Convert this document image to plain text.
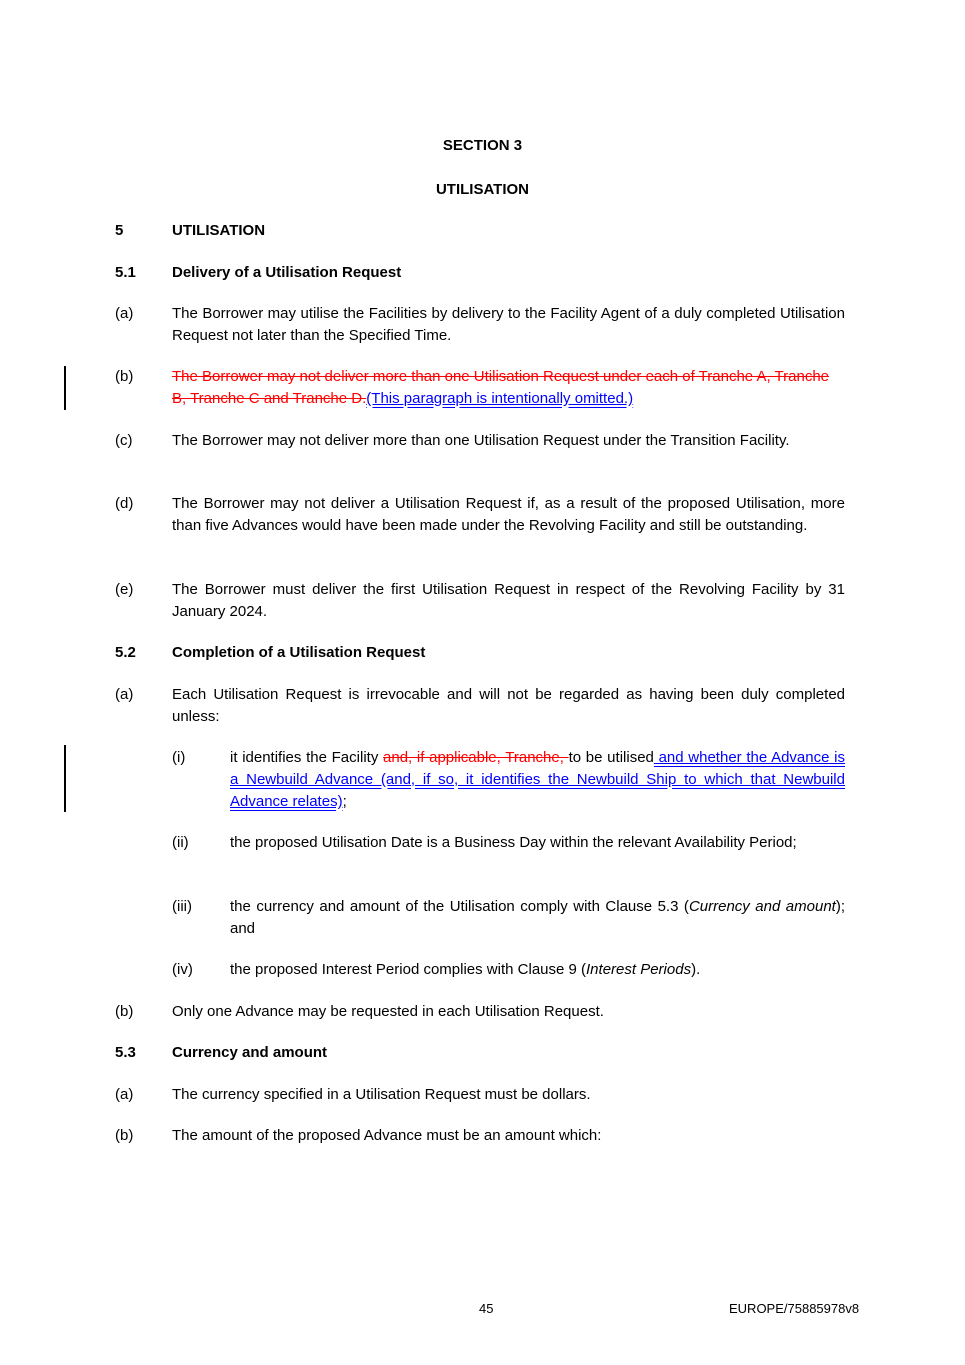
SECTION 3
UTILISATION
5	UTILISATION
5.1 Delivery of a Utilisation Request
(a)	The Borrower may utilise the Facilities by delivery to the Facility Agent of a duly completed Utilisation Request not later than the Specified Time.
(b)	The Borrower may not deliver more than one Utilisation Request under each of Tranche A, Tranche B, Tranche C and Tranche D.(This paragraph is intentionally omitted.)
(c)	The Borrower may not deliver more than one Utilisation Request under the Transition Facility.
(d)	The Borrower may not deliver a Utilisation Request if, as a result of the proposed Utilisation, more than five Advances would have been made under the Revolving Facility and still be outstanding.
(e)	The Borrower must deliver the first Utilisation Request in respect of the Revolving Facility by 31 January 2024.
5.2 Completion of a Utilisation Request
(a)	Each Utilisation Request is irrevocable and will not be regarded as having been duly completed unless:
(i)	it identifies the Facility and, if applicable, Tranche, to be utilised and whether the Advance is a Newbuild Advance (and, if so, it identifies the Newbuild Ship to which that Newbuild Advance relates);
(ii)	the proposed Utilisation Date is a Business Day within the relevant Availability Period;
(iii)	the currency and amount of the Utilisation comply with Clause 5.3 (Currency and amount); and
(iv) the proposed Interest Period complies with Clause 9 (Interest Periods).
(b)	Only one Advance may be requested in each Utilisation Request.
5.3 Currency and amount
(a)	The currency specified in a Utilisation Request must be dollars.
(b)	The amount of the proposed Advance must be an amount which:
45	EUROPE/75885978v8
